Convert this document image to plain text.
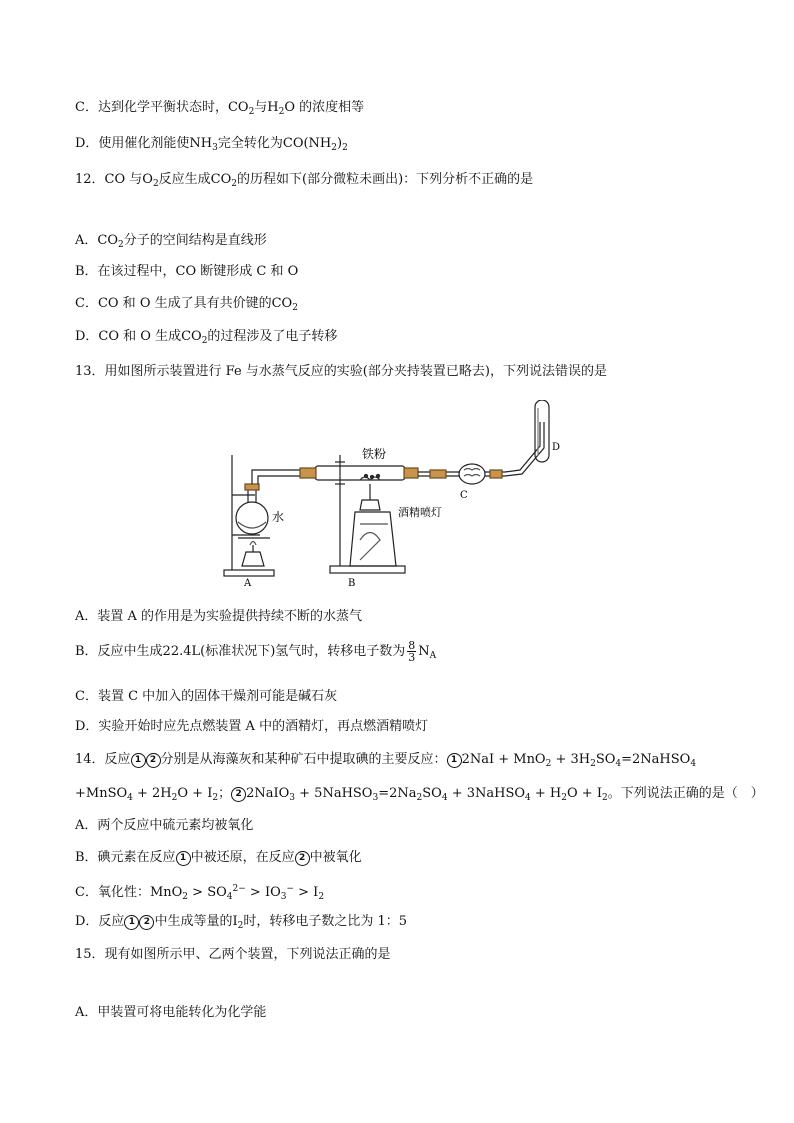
C．达到化学平衡状态时，$CO_2$与$H_2O$ 的浓度相等
D．使用催化剂能使$NH_3$完全转化为$CO(NH_2)_2$
12．CO 与$O_2$反应生成$CO_2$的历程如下(部分微粒未画出)：下列分析不正确的是
A．$CO_2$分子的空间结构是直线形
B．在该过程中，CO 断键形成 C 和 O
C．CO 和 O 生成了具有共价键的$CO_2$
D．CO 和 O 生成$CO_2$的过程涉及了电子转移
13．用如图所示装置进行 Fe 与水蒸气反应的实验(部分夹持装置已略去)，下列说法错误的是
水
铁粉
酒精喷灯
A	B
C
D
A．装置 A 的作用是为实验提供持续不断的水蒸气
B．反应中生成22.4L(标准状况下)氢气时，转移电子数为 $\frac{8}{3} N_A$
C．装置 C 中加入的固体干燥剂可能是碱石灰
D．实验开始时应先点燃装置 A 中的酒精灯，再点燃酒精喷灯
14．反应 1 2 分别是从海藻灰和某种矿石中提取碘的主要反应： 1 $2NaI + MnO_2 + 3H_2SO_4=2NaHSO_4$
+MnSO$_4$ + $2H_2O + I_2$； 2 2NaIO$_3$ + $5NaHSO_3=2Na_2SO_4$ + 3NaHSO$_4$ + $H_2O + I_2$。下列说法正确的是（　）
A．两个反应中硫元素均被氧化
B．碘元素在反应 1 中被还原，在反应 2 中被氧化
C．氧化性：$MnO_2 > SO_4^{2-} > IO_3^- > I_2$
D．反应 1 2 中生成等量的$I_2$时，转移电子数之比为 1：5
15．现有如图所示甲、乙两个装置，下列说法正确的是
A．甲装置可将电能转化为化学能
